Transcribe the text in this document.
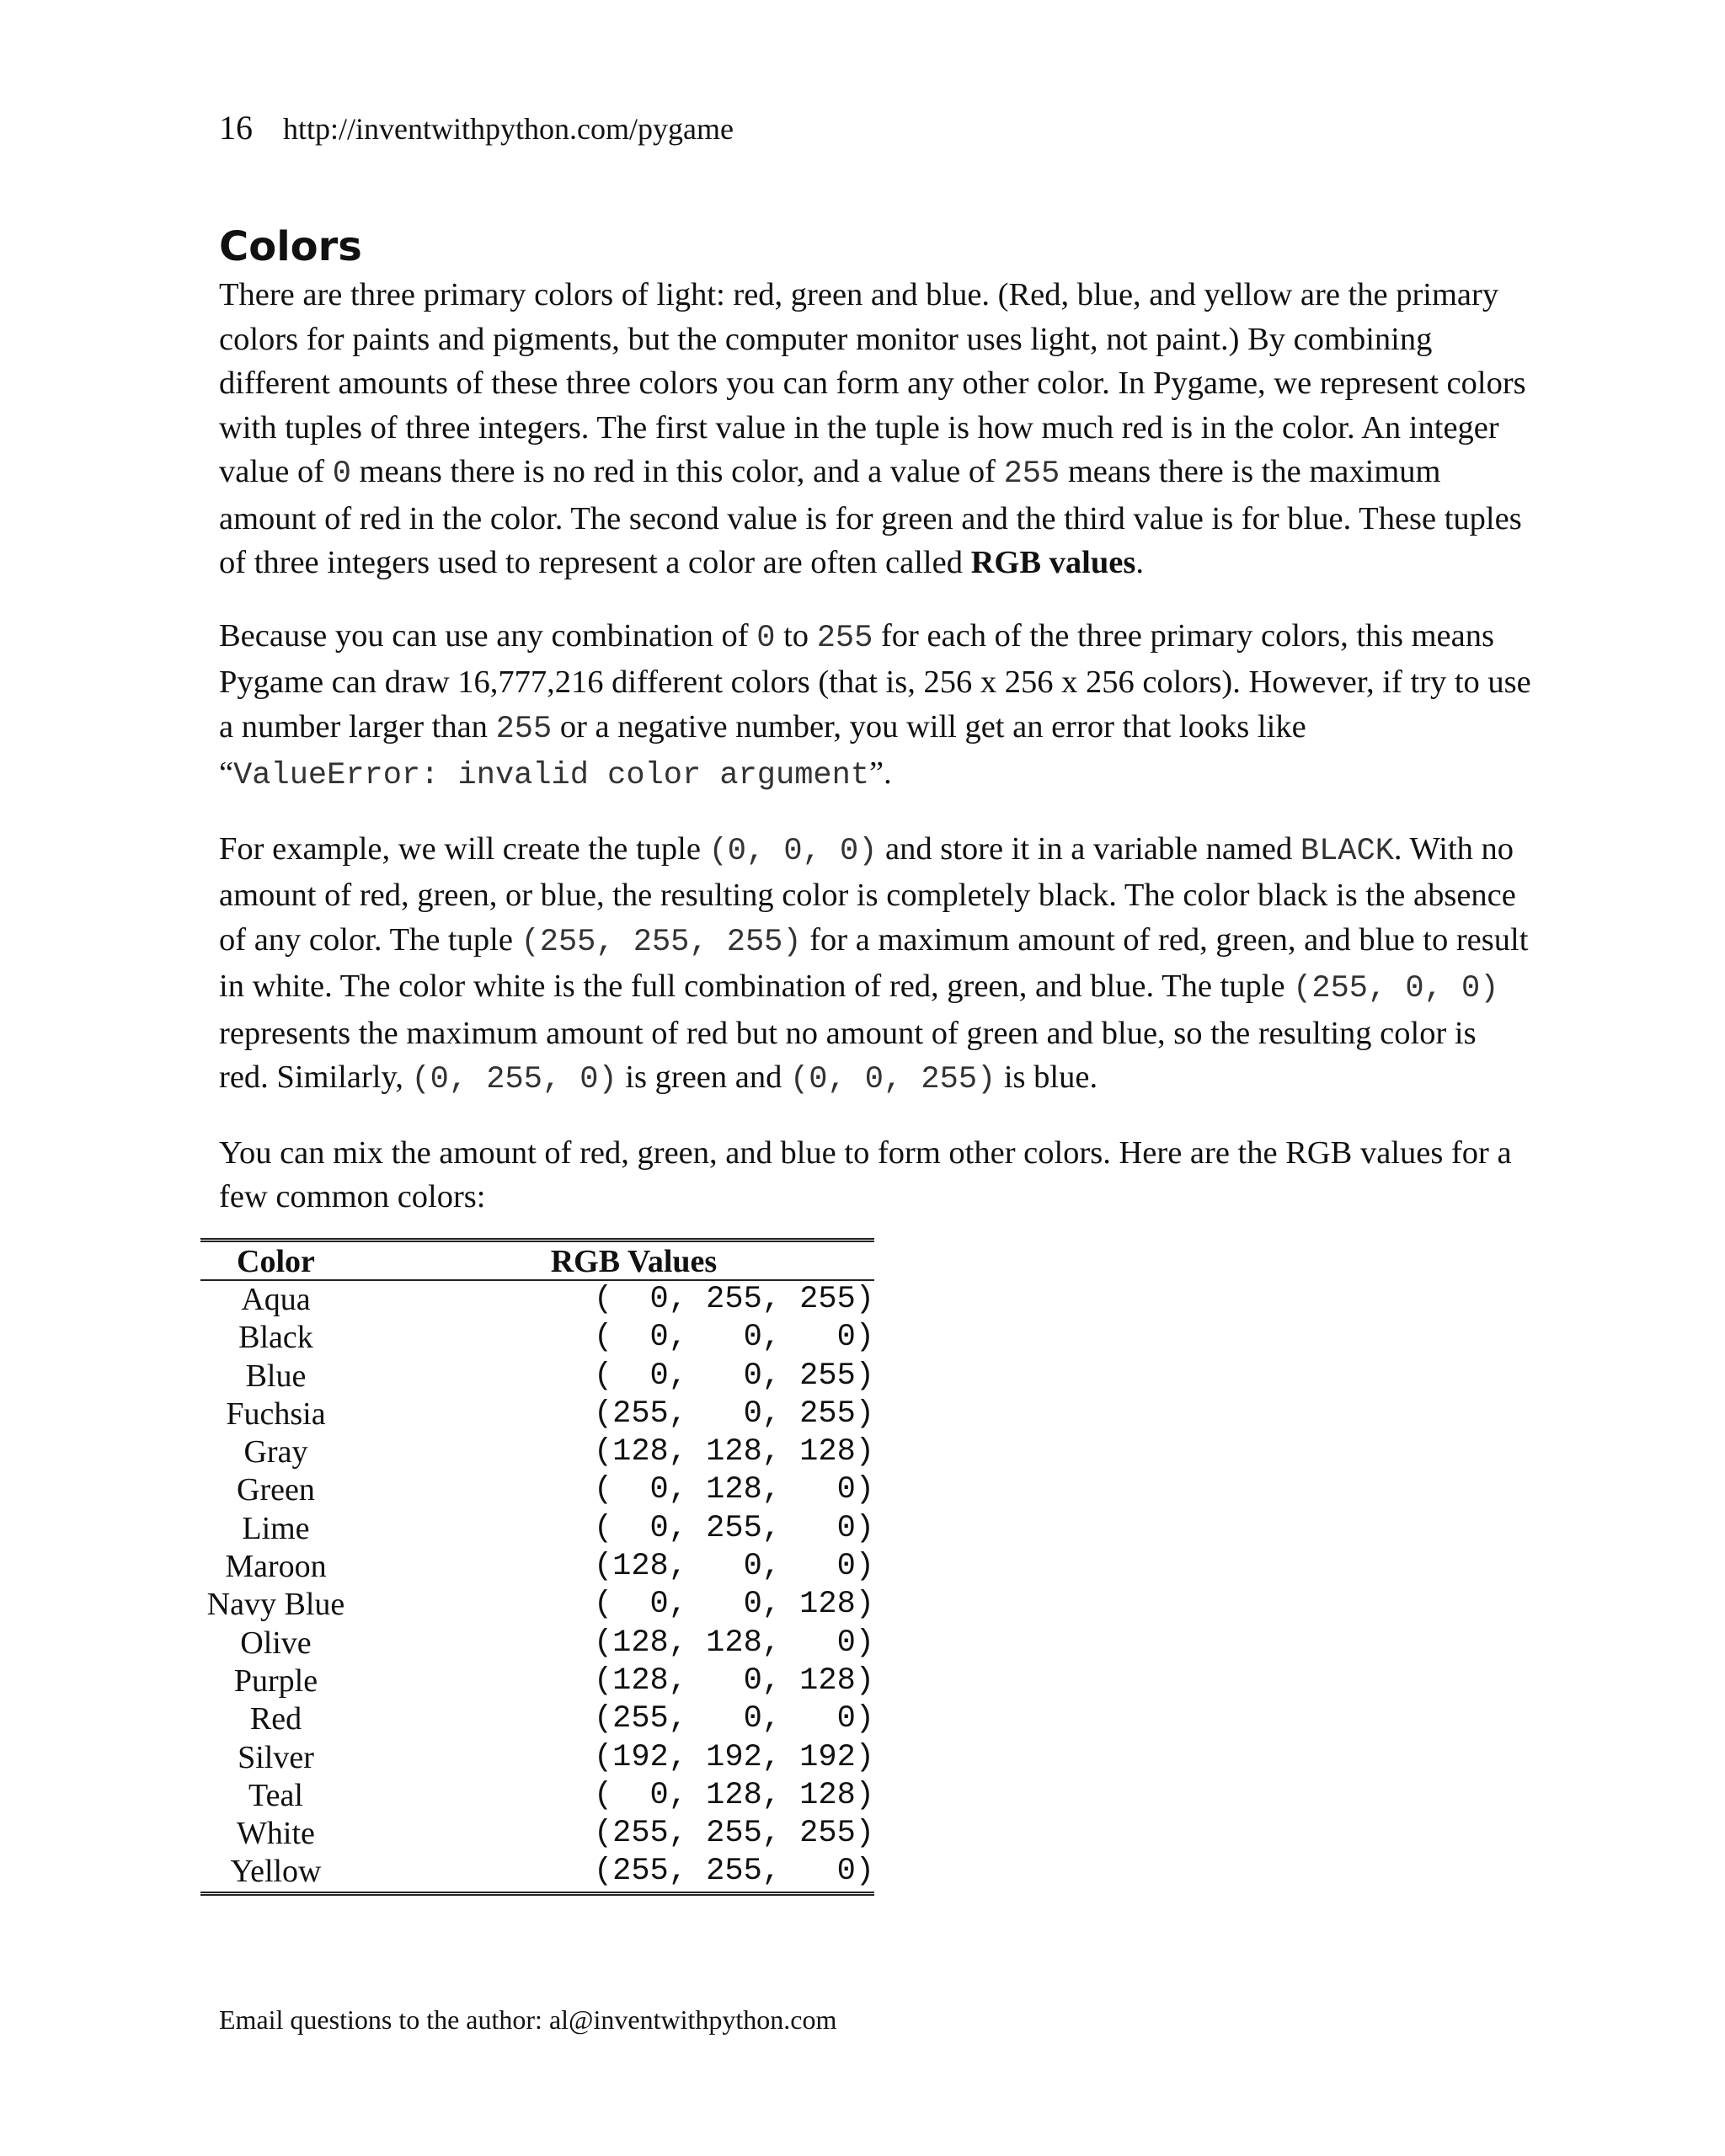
16 http://inventwithpython.com/pygame
Colors

There are three primary colors of light: red, green and blue. (Red, blue, and yellow are the primary colors for paints and pigments, but the computer monitor uses light, not paint.) By combining different amounts of these three colors you can form any other color. In Pygame, we represent colors with tuples of three integers. The first value in the tuple is how much red is in the color. An integer value of 0 means there is no red in this color, and a value of 255 means there is the maximum amount of red in the color. The second value is for green and the third value is for blue. These tuples of three integers used to represent a color are often called RGB values.

Because you can use any combination of 0 to 255 for each of the three primary colors, this means Pygame can draw 16,777,216 different colors (that is, 256 x 256 x 256 colors). However, if try to use a number larger than 255 or a negative number, you will get an error that looks like “ValueError: invalid color argument”.

For example, we will create the tuple (0, 0, 0) and store it in a variable named BLACK. With no amount of red, green, or blue, the resulting color is completely black. The color black is the absence of any color. The tuple (255, 255, 255) for a maximum amount of red, green, and blue to result in white. The color white is the full combination of red, green, and blue. The tuple (255, 0, 0) represents the maximum amount of red but no amount of green and blue, so the resulting color is red. Similarly, (0, 255, 0) is green and (0, 0, 255) is blue.

You can mix the amount of red, green, and blue to form other colors. Here are the RGB values for a few common colors:

Color	RGB Values
Aqua	(  0, 255, 255)
Black	(  0,   0,   0)
Blue	(  0,   0, 255)
Fuchsia	(255,   0, 255)
Gray	(128, 128, 128)
Green	(  0, 128,   0)
Lime	(  0, 255,   0)
Maroon	(128,   0,   0)
Navy Blue	(  0,   0, 128)
Olive	(128, 128,   0)
Purple	(128,   0, 128)
Red	(255,   0,   0)
Silver	(192, 192, 192)
Teal	(  0, 128, 128)
White	(255, 255, 255)
Yellow	(255, 255,   0)
Email questions to the author: al@inventwithpython.com
